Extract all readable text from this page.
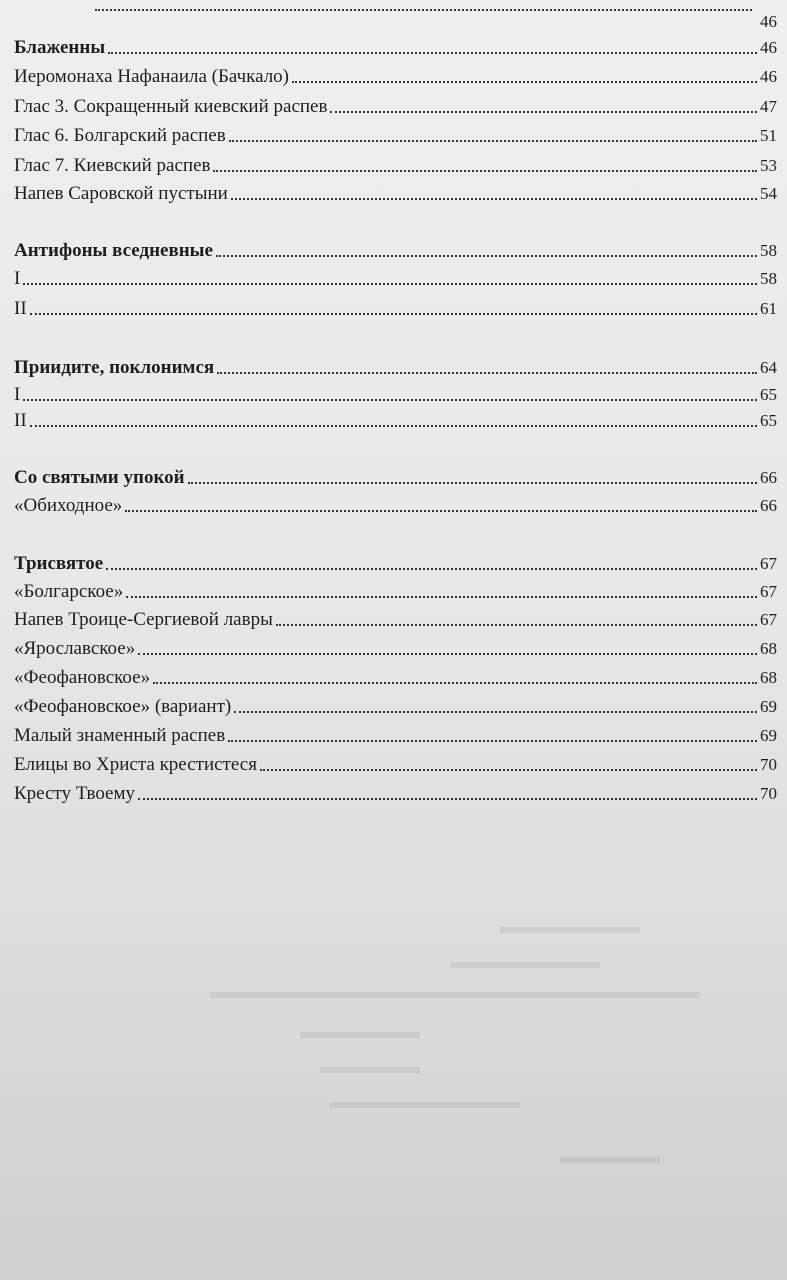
46
Блаженны	46
Иеромонаха Нафанаила (Бачкало)	46
Глас 3. Сокращенный киевский распев	47
Глас 6. Болгарский распев	51
Глас 7. Киевский распев	53
Напев Саровской пустыни	54
Антифоны вседневные	58
I	58
II	61
Приидите, поклонимся	64
I	65
II	65
Со святыми упокой	66
«Обиходное»	66
Трисвятое	67
«Болгарское»	67
Напев Троице-Сергиевой лавры	67
«Ярославское»	68
«Феофановское»	68
«Феофановское» (вариант)	69
Малый знаменный распев	69
Елицы во Христа крестистеся	70
Кресту Твоему	70
